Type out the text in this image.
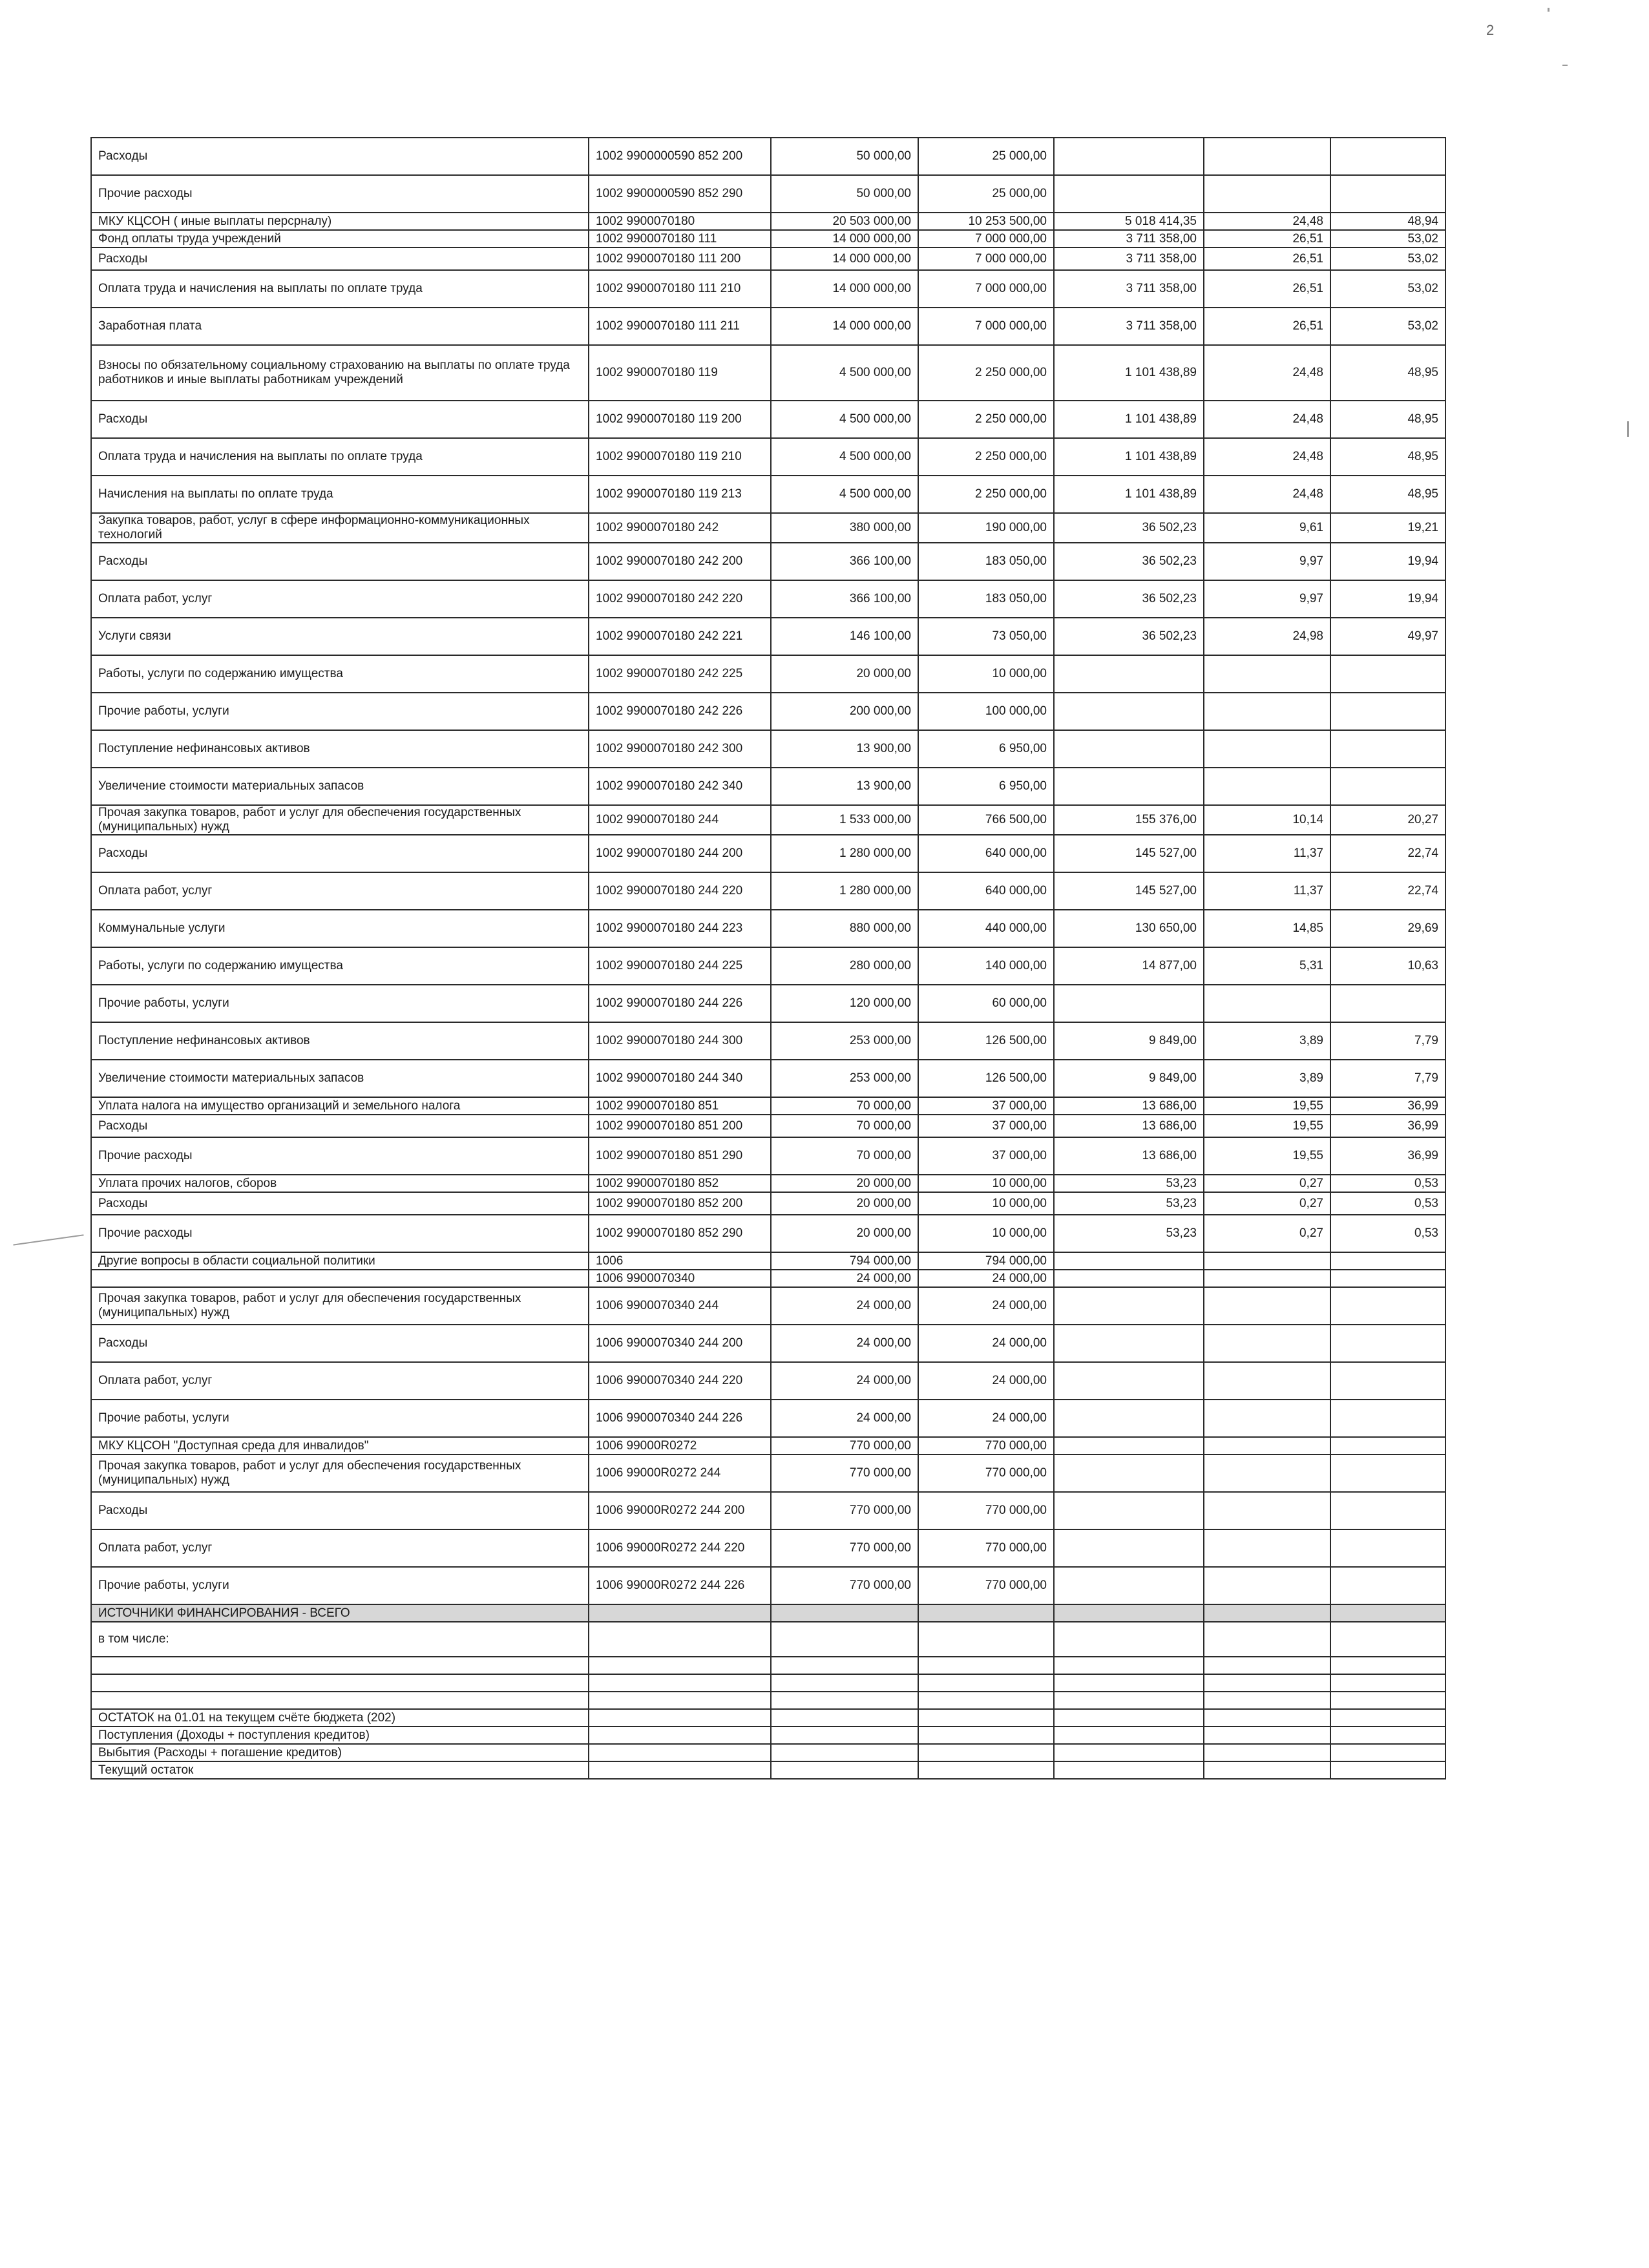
2
Расходы	1002 9900000590 852 200	50 000,00	25 000,00			
Прочие расходы	1002 9900000590 852 290	50 000,00	25 000,00			
МКУ КЦСОН ( иные выплаты персрналу)	1002 9900070180	20 503 000,00	10 253 500,00	5 018 414,35	24,48	48,94
Фонд оплаты труда учреждений	1002 9900070180 111	14 000 000,00	7 000 000,00	3 711 358,00	26,51	53,02
Расходы	1002 9900070180 111 200	14 000 000,00	7 000 000,00	3 711 358,00	26,51	53,02
Оплата труда и начисления на выплаты по оплате труда	1002 9900070180 111 210	14 000 000,00	7 000 000,00	3 711 358,00	26,51	53,02
Заработная плата	1002 9900070180 111 211	14 000 000,00	7 000 000,00	3 711 358,00	26,51	53,02
Взносы по обязательному социальному страхованию на выплаты по оплате труда работников и иные выплаты работникам учреждений	1002 9900070180 119	4 500 000,00	2 250 000,00	1 101 438,89	24,48	48,95
Расходы	1002 9900070180 119 200	4 500 000,00	2 250 000,00	1 101 438,89	24,48	48,95
Оплата труда и начисления на выплаты по оплате труда	1002 9900070180 119 210	4 500 000,00	2 250 000,00	1 101 438,89	24,48	48,95
Начисления на выплаты по оплате труда	1002 9900070180 119 213	4 500 000,00	2 250 000,00	1 101 438,89	24,48	48,95
Закупка товаров, работ, услуг в сфере информационно-коммуникационных технологий	1002 9900070180 242	380 000,00	190 000,00	36 502,23	9,61	19,21
Расходы	1002 9900070180 242 200	366 100,00	183 050,00	36 502,23	9,97	19,94
Оплата работ, услуг	1002 9900070180 242 220	366 100,00	183 050,00	36 502,23	9,97	19,94
Услуги связи	1002 9900070180 242 221	146 100,00	73 050,00	36 502,23	24,98	49,97
Работы, услуги по содержанию имущества	1002 9900070180 242 225	20 000,00	10 000,00			
Прочие работы, услуги	1002 9900070180 242 226	200 000,00	100 000,00			
Поступление нефинансовых активов	1002 9900070180 242 300	13 900,00	6 950,00			
Увеличение стоимости материальных запасов	1002 9900070180 242 340	13 900,00	6 950,00			
Прочая закупка товаров, работ и услуг для обеспечения государственных (муниципальных) нужд	1002 9900070180 244	1 533 000,00	766 500,00	155 376,00	10,14	20,27
Расходы	1002 9900070180 244 200	1 280 000,00	640 000,00	145 527,00	11,37	22,74
Оплата работ, услуг	1002 9900070180 244 220	1 280 000,00	640 000,00	145 527,00	11,37	22,74
Коммунальные услуги	1002 9900070180 244 223	880 000,00	440 000,00	130 650,00	14,85	29,69
Работы, услуги по содержанию имущества	1002 9900070180 244 225	280 000,00	140 000,00	14 877,00	5,31	10,63
Прочие работы, услуги	1002 9900070180 244 226	120 000,00	60 000,00			
Поступление нефинансовых активов	1002 9900070180 244 300	253 000,00	126 500,00	9 849,00	3,89	7,79
Увеличение стоимости материальных запасов	1002 9900070180 244 340	253 000,00	126 500,00	9 849,00	3,89	7,79
Уплата налога на имущество организаций и земельного налога	1002 9900070180 851	70 000,00	37 000,00	13 686,00	19,55	36,99
Расходы	1002 9900070180 851 200	70 000,00	37 000,00	13 686,00	19,55	36,99
Прочие расходы	1002 9900070180 851 290	70 000,00	37 000,00	13 686,00	19,55	36,99
Уплата прочих налогов, сборов	1002 9900070180 852	20 000,00	10 000,00	53,23	0,27	0,53
Расходы	1002 9900070180 852 200	20 000,00	10 000,00	53,23	0,27	0,53
Прочие расходы	1002 9900070180 852 290	20 000,00	10 000,00	53,23	0,27	0,53
Другие вопросы в области социальной политики	1006	794 000,00	794 000,00			
	1006 9900070340	24 000,00	24 000,00			
Прочая закупка товаров, работ и услуг для обеспечения государственных (муниципальных) нужд	1006 9900070340 244	24 000,00	24 000,00			
Расходы	1006 9900070340 244 200	24 000,00	24 000,00			
Оплата работ, услуг	1006 9900070340 244 220	24 000,00	24 000,00			
Прочие работы, услуги	1006 9900070340 244 226	24 000,00	24 000,00			
МКУ КЦСОН "Доступная среда для инвалидов"	1006 99000R0272	770 000,00	770 000,00			
Прочая закупка товаров, работ и услуг для обеспечения государственных (муниципальных) нужд	1006 99000R0272 244	770 000,00	770 000,00			
Расходы	1006 99000R0272 244 200	770 000,00	770 000,00			
Оплата работ, услуг	1006 99000R0272 244 220	770 000,00	770 000,00			
Прочие работы, услуги	1006 99000R0272 244 226	770 000,00	770 000,00			
ИСТОЧНИКИ ФИНАНСИРОВАНИЯ - ВСЕГО						
в том числе:						

ОСТАТОК на 01.01 на текущем счёте бюджета (202)						
Поступления (Доходы + поступления кредитов)						
Выбытия (Расходы + погашение кредитов)						
Текущий остаток						
